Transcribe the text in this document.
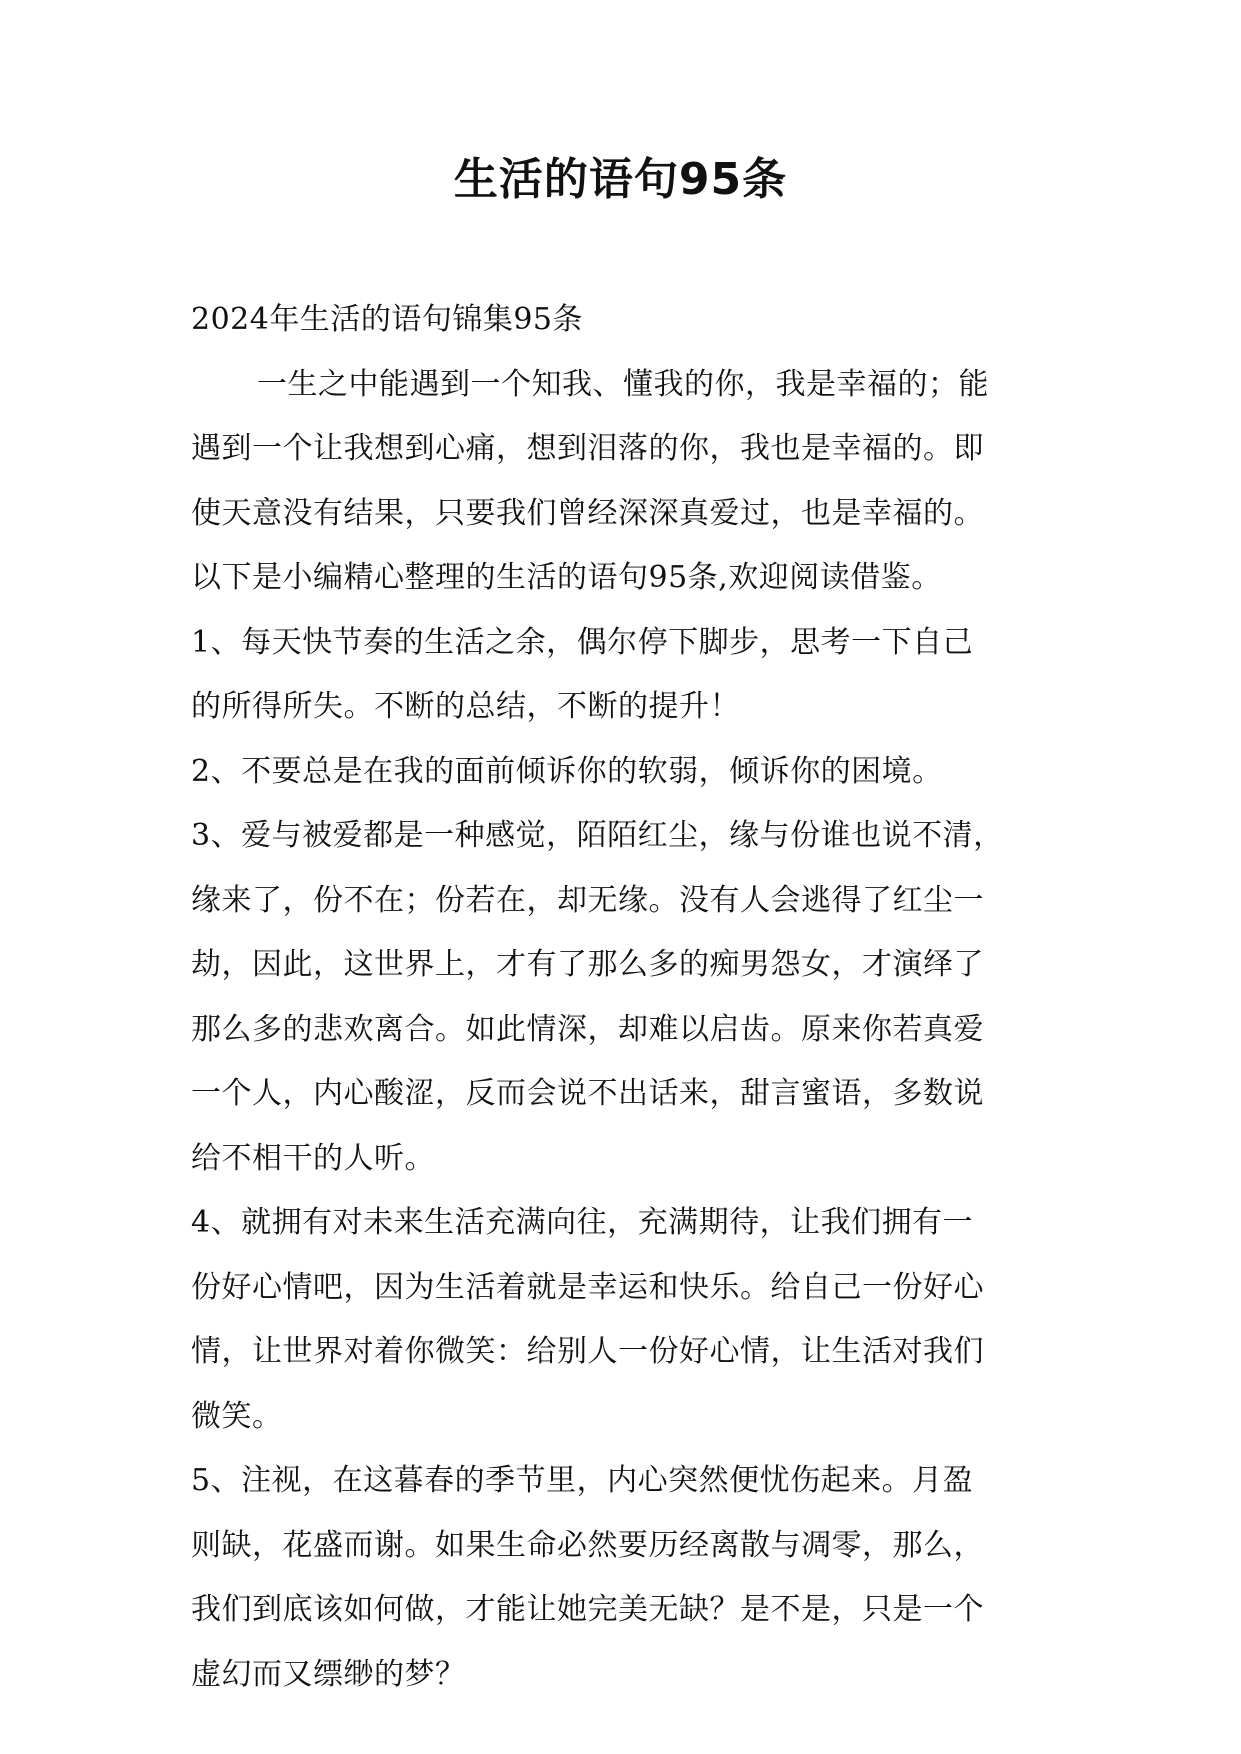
生活的语句95条
2024年生活的语句锦集95条
一生之中能遇到一个知我、懂我的你，我是幸福的；能
遇到一个让我想到心痛，想到泪落的你，我也是幸福的。即
使天意没有结果，只要我们曾经深深真爱过，也是幸福的。
以下是小编精心整理的生活的语句95条,欢迎阅读借鉴。
1、每天快节奏的生活之余，偶尔停下脚步，思考一下自己
的所得所失。不断的总结，不断的提升！
2、不要总是在我的面前倾诉你的软弱，倾诉你的困境。
3、爱与被爱都是一种感觉，陌陌红尘，缘与份谁也说不清，
缘来了，份不在；份若在，却无缘。没有人会逃得了红尘一
劫，因此，这世界上，才有了那么多的痴男怨女，才演绎了
那么多的悲欢离合。如此情深，却难以启齿。原来你若真爱
一个人，内心酸涩，反而会说不出话来，甜言蜜语，多数说
给不相干的人听。
4、就拥有对未来生活充满向往，充满期待，让我们拥有一
份好心情吧，因为生活着就是幸运和快乐。给自己一份好心
情，让世界对着你微笑：给别人一份好心情，让生活对我们
微笑。
5、注视，在这暮春的季节里，内心突然便忧伤起来。月盈
则缺，花盛而谢。如果生命必然要历经离散与凋零，那么，
我们到底该如何做，才能让她完美无缺？是不是，只是一个
虚幻而又缥缈的梦？
